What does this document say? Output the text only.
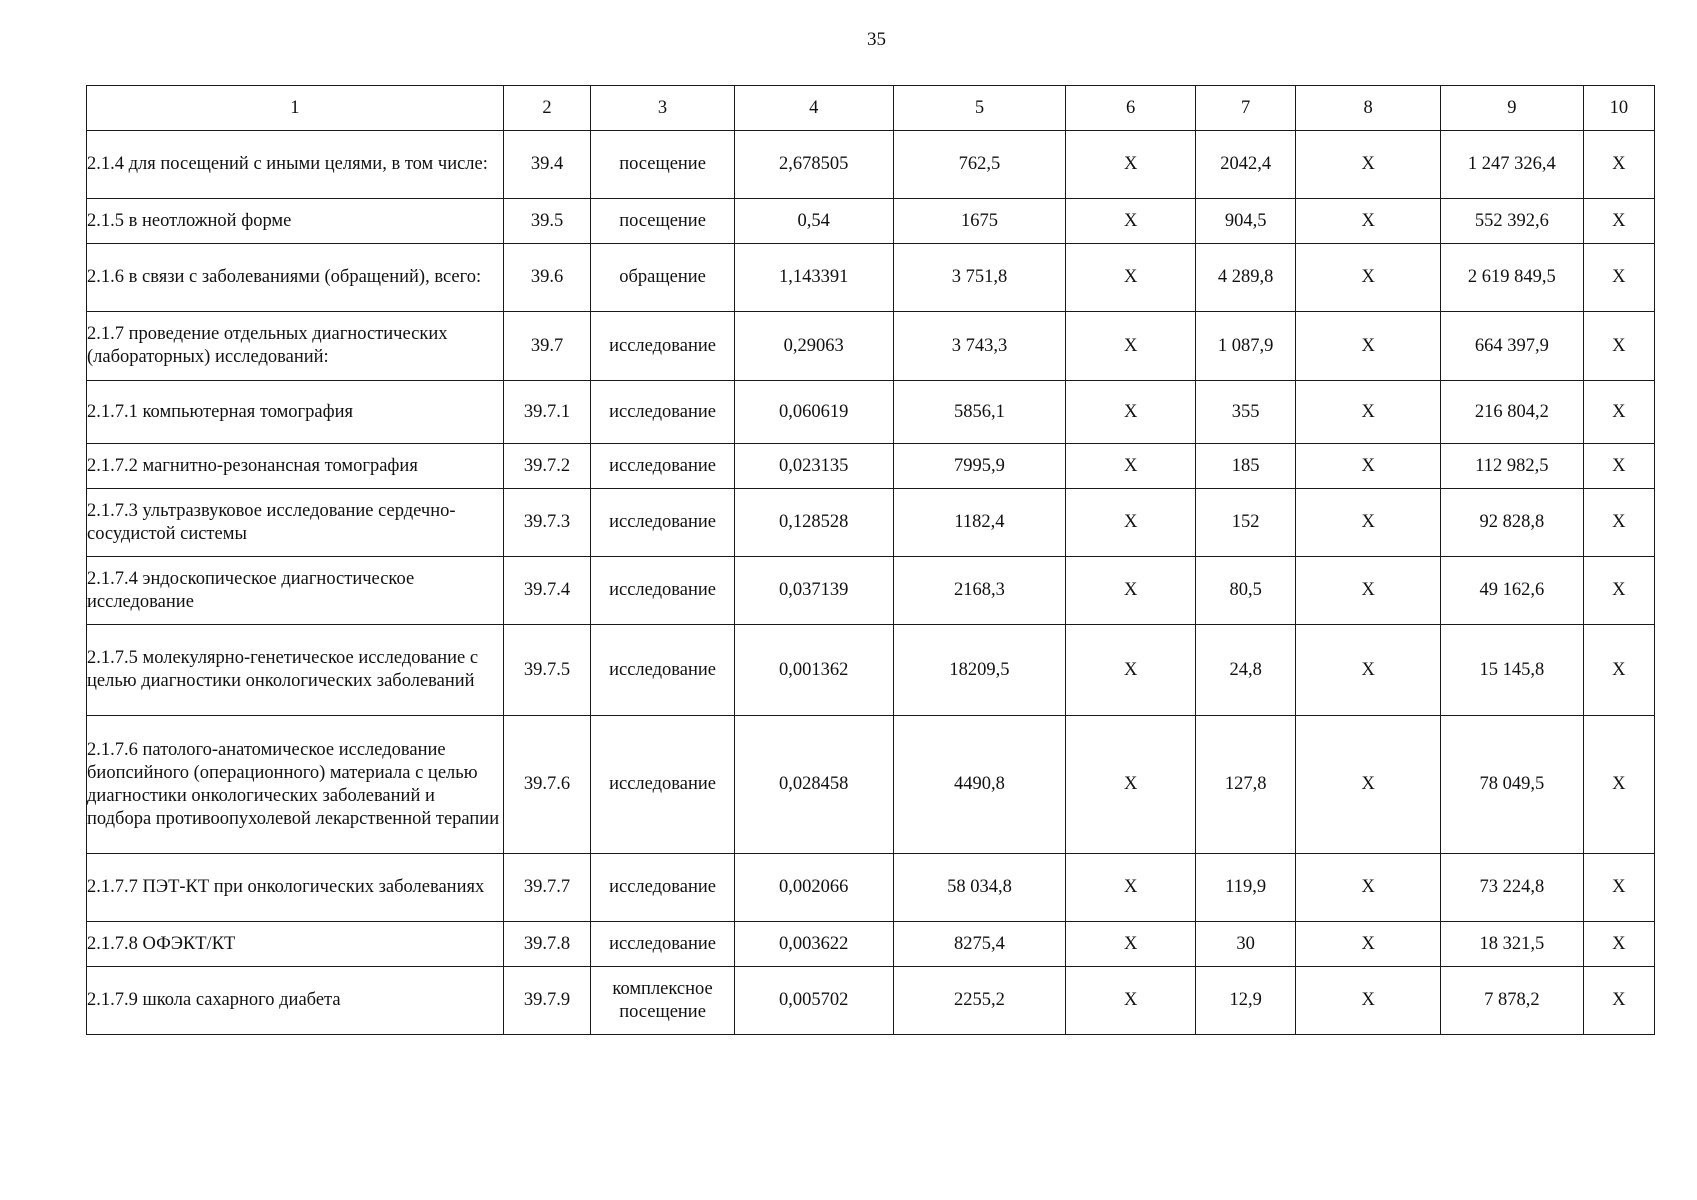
35
1	2	3	4	5	6	7	8	9	10
2.1.4 для посещений с иными целями, в том числе:	39.4	посещение	2,678505	762,5	X	2042,4	X	1 247 326,4	X
2.1.5 в неотложной форме	39.5	посещение	0,54	1675	X	904,5	X	552 392,6	X
2.1.6 в связи с заболеваниями (обращений), всего:	39.6	обращение	1,143391	3 751,8	X	4 289,8	X	2 619 849,5	X
2.1.7 проведение отдельных диагностических (лабораторных) исследований:	39.7	исследование	0,29063	3 743,3	X	1 087,9	X	664 397,9	X
2.1.7.1 компьютерная томография	39.7.1	исследование	0,060619	5856,1	X	355	X	216 804,2	X
2.1.7.2 магнитно-резонансная томография	39.7.2	исследование	0,023135	7995,9	X	185	X	112 982,5	X
2.1.7.3 ультразвуковое исследование сердечно-сосудистой системы	39.7.3	исследование	0,128528	1182,4	X	152	X	92 828,8	X
2.1.7.4 эндоскопическое диагностическое исследование	39.7.4	исследование	0,037139	2168,3	X	80,5	X	49 162,6	X
2.1.7.5 молекулярно-генетическое исследование с целью диагностики онкологических заболеваний	39.7.5	исследование	0,001362	18209,5	X	24,8	X	15 145,8	X
2.1.7.6 патолого-анатомическое исследование биопсийного (операционного) материала с целью диагностики онкологических заболеваний и подбора противоопухолевой лекарственной терапии	39.7.6	исследование	0,028458	4490,8	X	127,8	X	78 049,5	X
2.1.7.7 ПЭТ-КТ при онкологических заболеваниях	39.7.7	исследование	0,002066	58 034,8	X	119,9	X	73 224,8	X
2.1.7.8 ОФЭКТ/КТ	39.7.8	исследование	0,003622	8275,4	X	30	X	18 321,5	X
2.1.7.9 школа сахарного диабета	39.7.9	комплексное посещение	0,005702	2255,2	X	12,9	X	7 878,2	X
